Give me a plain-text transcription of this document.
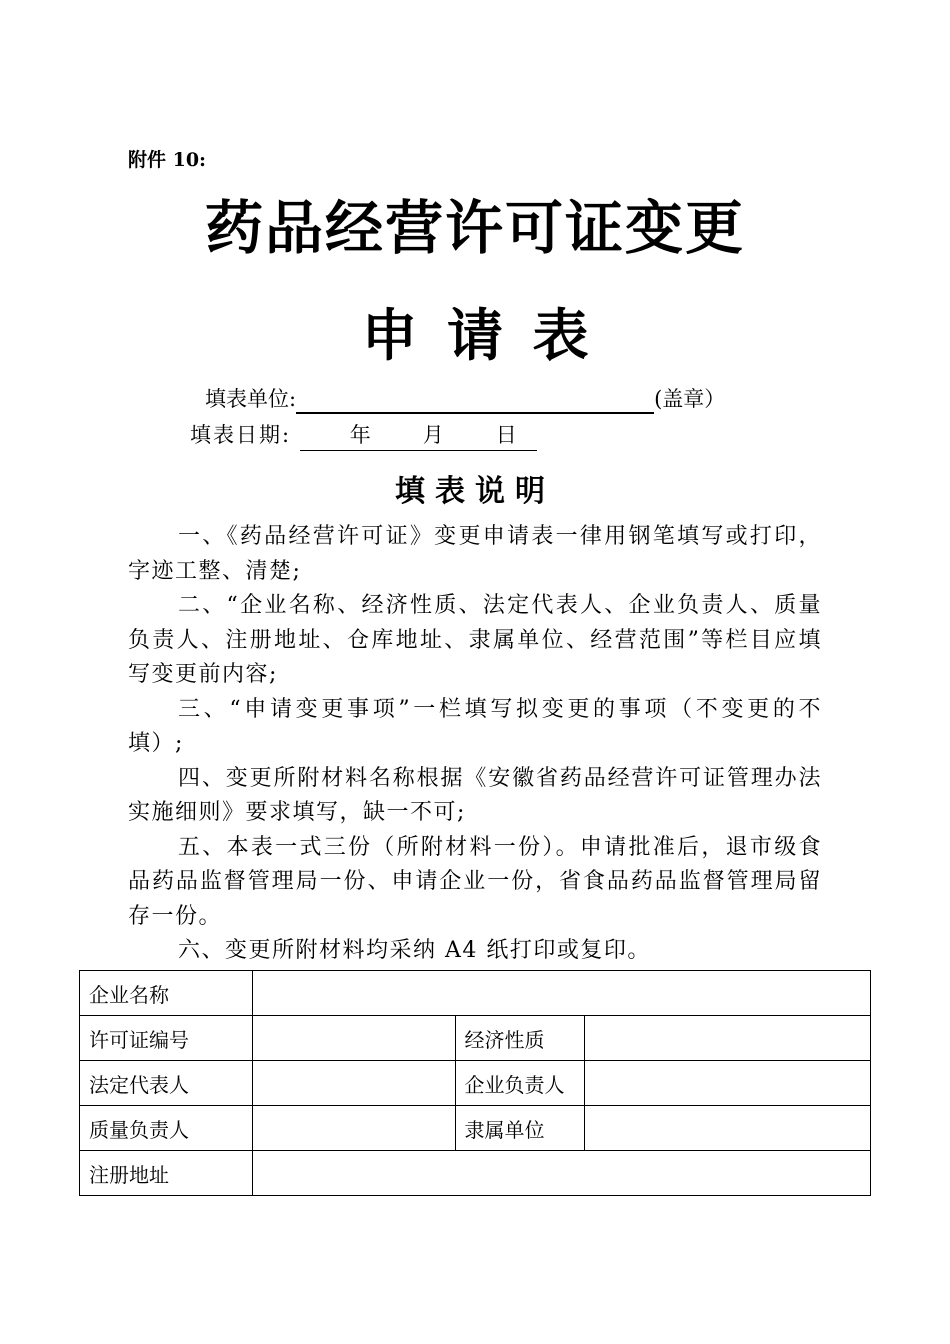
附件 10:
药品经营许可证变更
申 请 表
填表单位:	(盖章）
填表日期:	年 月 日
填表说明

一、《药品经营许可证》变更申请表一律用钢笔填写或打印，字迹工整、清楚;

二、“企业名称、经济性质、法定代表人、企业负责人、质量负责人、注册地址、仓库地址、隶属单位、经营范围”等栏目应填写变更前内容;

三、“申请变更事项”一栏填写拟变更的事项（不变更的不填）;

四、变更所附材料名称根据《安徽省药品经营许可证管理办法实施细则》要求填写，缺一不可;

五、本表一式三份（所附材料一份）。申请批准后，退市级食品药品监督管理局一份、申请企业一份，省食品药品监督管理局留存一份。

六、变更所附材料均采纳 A4 纸打印或复印。

企业名称			
许可证编号		经济性质	
法定代表人		企业负责人	
质量负责人		隶属单位	
注册地址			
